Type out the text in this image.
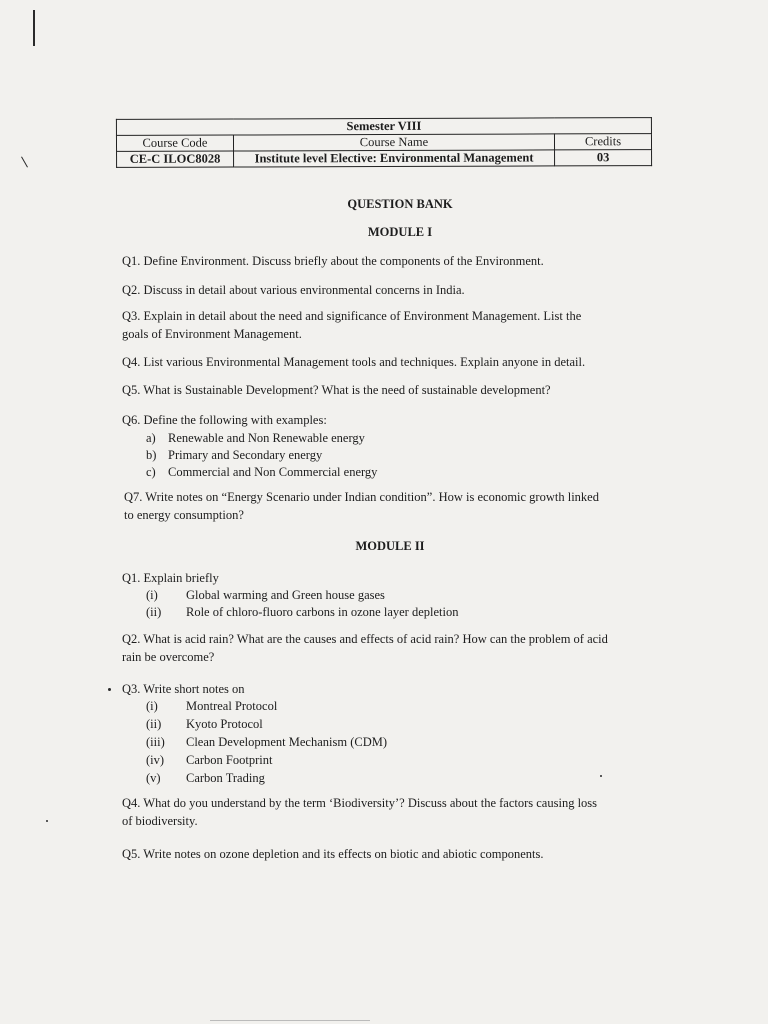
Semester VIII		
Course Code	Course Name	Credits
CE-C ILOC8028	Institute level Elective: Environmental Management	03
QUESTION BANK
MODULE I
Q1. Define Environment. Discuss briefly about the components of the Environment.
Q2. Discuss in detail about various environmental concerns in India.
Q3. Explain in detail about the need and significance of Environment Management. List the
goals of Environment Management.
Q4. List various Environmental Management tools and techniques. Explain anyone in detail.
Q5. What is Sustainable Development? What is the need of sustainable development?
Q6. Define the following with examples:
a) Renewable and Non Renewable energy
b) Primary and Secondary energy
c) Commercial and Non Commercial energy
Q7. Write notes on “Energy Scenario under Indian condition”. How is economic growth linked
to energy consumption?
MODULE II
Q1. Explain briefly
(i) Global warming and Green house gases
(ii) Role of chloro-fluoro carbons in ozone layer depletion
Q2. What is acid rain? What are the causes and effects of acid rain? How can the problem of acid
rain be overcome?
Q3. Write short notes on
(i) Montreal Protocol
(ii) Kyoto Protocol
(iii) Clean Development Mechanism (CDM)
(iv) Carbon Footprint
(v) Carbon Trading
Q4. What do you understand by the term ‘Biodiversity’? Discuss about the factors causing loss
of biodiversity.
Q5. Write notes on ozone depletion and its effects on biotic and abiotic components.
